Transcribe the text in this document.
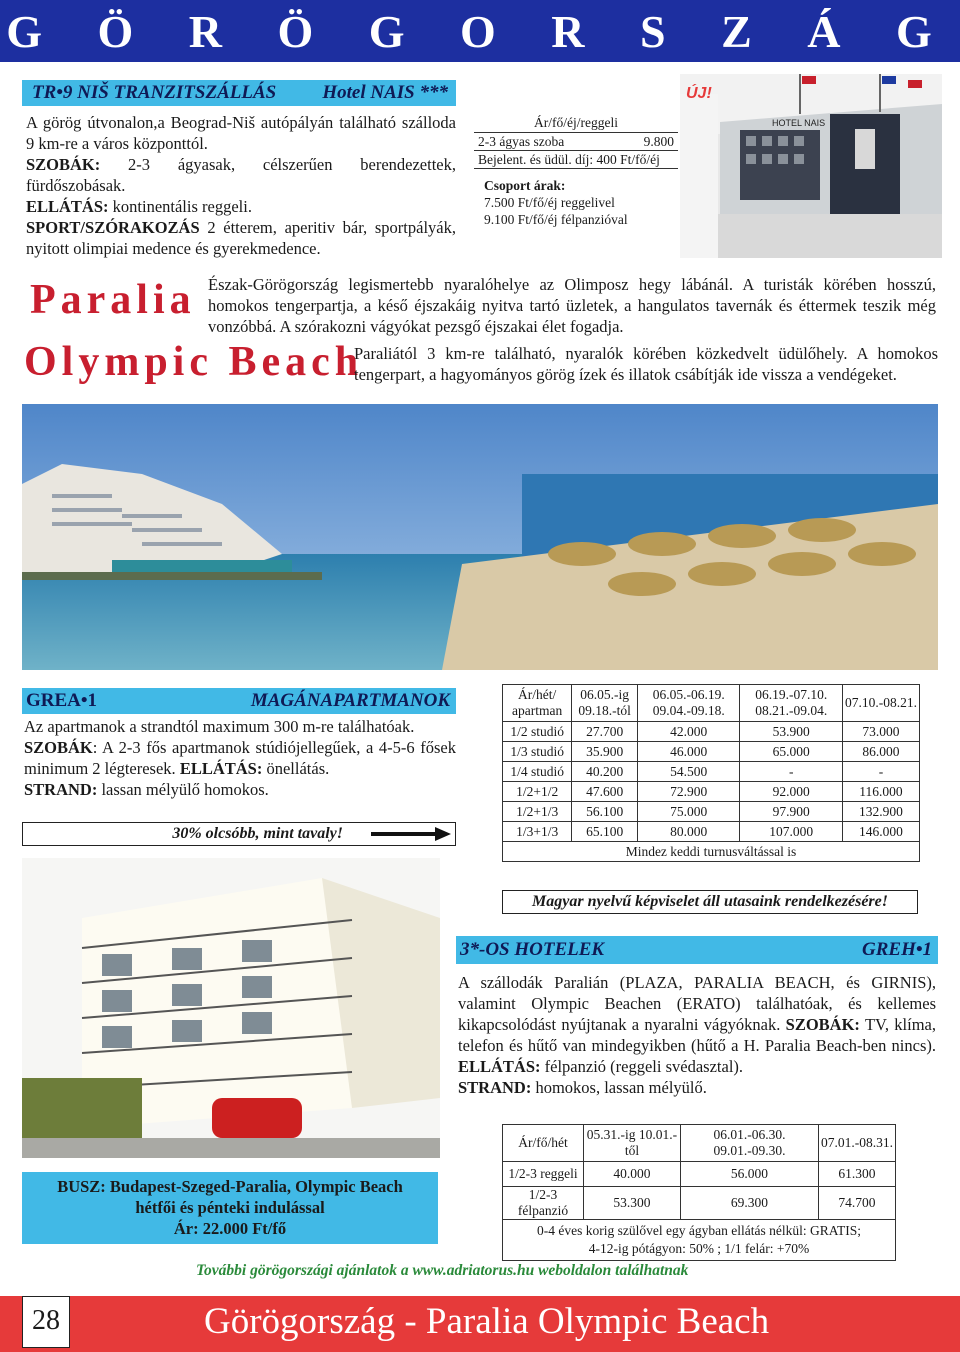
G Ö R Ö G O R S Z Á G
TR•9 NIŠ TRANZITSZÁLLÁS Hotel NAIS ***
A görög útvonalon,a Beograd-Niš autópályán található szálloda 9 km-re a város központtól.
SZOBÁK: 2-3 ágyasak, célszerűen berendezettek, fürdőszobásak.
ELLÁTÁS: kontinentális reggeli.
SPORT/SZÓRAKOZÁS 2 étterem, aperitiv bár, sportpályák, nyitott olimpiai medence és gyerekmedence.
Ár/fő/éj/reggeli
2-3 ágyas szoba	9.800
Bejelent. és üdül. díj: 400 Ft/fő/éj
Csoport árak:
7.500 Ft/fő/éj reggelivel
9.100 Ft/fő/éj félpanzióval
HOTEL NAIS
ÚJ!
Paralia Észak-Görögország legismertebb nyaralóhelye az Olimposz hegy lábánál. A turisták körében hosszú, homokos tengerpartja, a késő éjszakáig nyitva tartó üzletek, a hangulatos tavernák és éttermek teszik még vonzóbbá. A szórakozni vágyókat pezsgő éjszakai élet fogadja.
Olympic Beach
Paraliától 3 km-re található, nyaralók körében közkedvelt üdülőhely. A homokos tengerpart, a hagyományos görög ízek és illatok csábítják ide vissza a vendégeket.
GREA•1	MAGÁNAPARTMANOK
Az apartmanok a strandtól maximum 300 m-re találhatóak.
SZOBÁK: A 2-3 fős apartmanok stúdiójellegűek, a 4-5-6 fősek minimum 2 légteresek. ELLÁTÁS: önellátás.
STRAND: lassan mélyülő homokos.
30% olcsóbb, mint tavaly!
Ár/hét/ apartman	06.05.-ig 09.18.-tól	06.05.-06.19. 09.04.-09.18.	06.19.-07.10. 08.21.-09.04.	07.10.-08.21.
1/2 studió	27.700	42.000	53.900	73.000
1/3 studió	35.900	46.000	65.000	86.000
1/4 studió	40.200	54.500	-	-
1/2+1/2	47.600	72.900	92.000	116.000
1/2+1/3	56.100	75.000	97.900	132.900
1/3+1/3	65.100	80.000	107.000	146.000
Mindez keddi turnusváltással is				
Magyar nyelvű képviselet áll utasaink rendelkezésére!
3*-OS HOTELEK	GREH•1
A szállodák Paralián (PLAZA, PARALIA BEACH, és GIRNIS), valamint Olympic Beachen (ERATO) találhatóak, és kellemes kikapcsolódást nyújtanak a nyaralni vágyóknak. SZOBÁK: TV, klíma, telefon és hűtő van mindegyikben (hűtő a H. Paralia Beach-ben nincs). ELLÁTÁS: félpanzió (reggeli svédasztal).
STRAND: homokos, lassan mélyülő.
Ár/fő/hét	05.31.-ig 10.01.-től	06.01.-06.30. 09.01.-09.30.	07.01.-08.31.
1/2-3 reggeli	40.000	56.000	61.300
1/2-3 félpanzió	53.300	69.300	74.700
0-4 éves korig szülővel egy ágyban ellátás nélkül: GRATIS;
4-12-ig pótágyon: 50% ; 1/1 felár: +70%			
BUSZ: Budapest-Szeged-Paralia, Olympic Beach
hétfői és pénteki indulással
Ár: 22.000 Ft/fő
További görögországi ajánlatok a www.adriatorus.hu weboldalon találhatnak
28	Görögország - Paralia Olympic Beach
